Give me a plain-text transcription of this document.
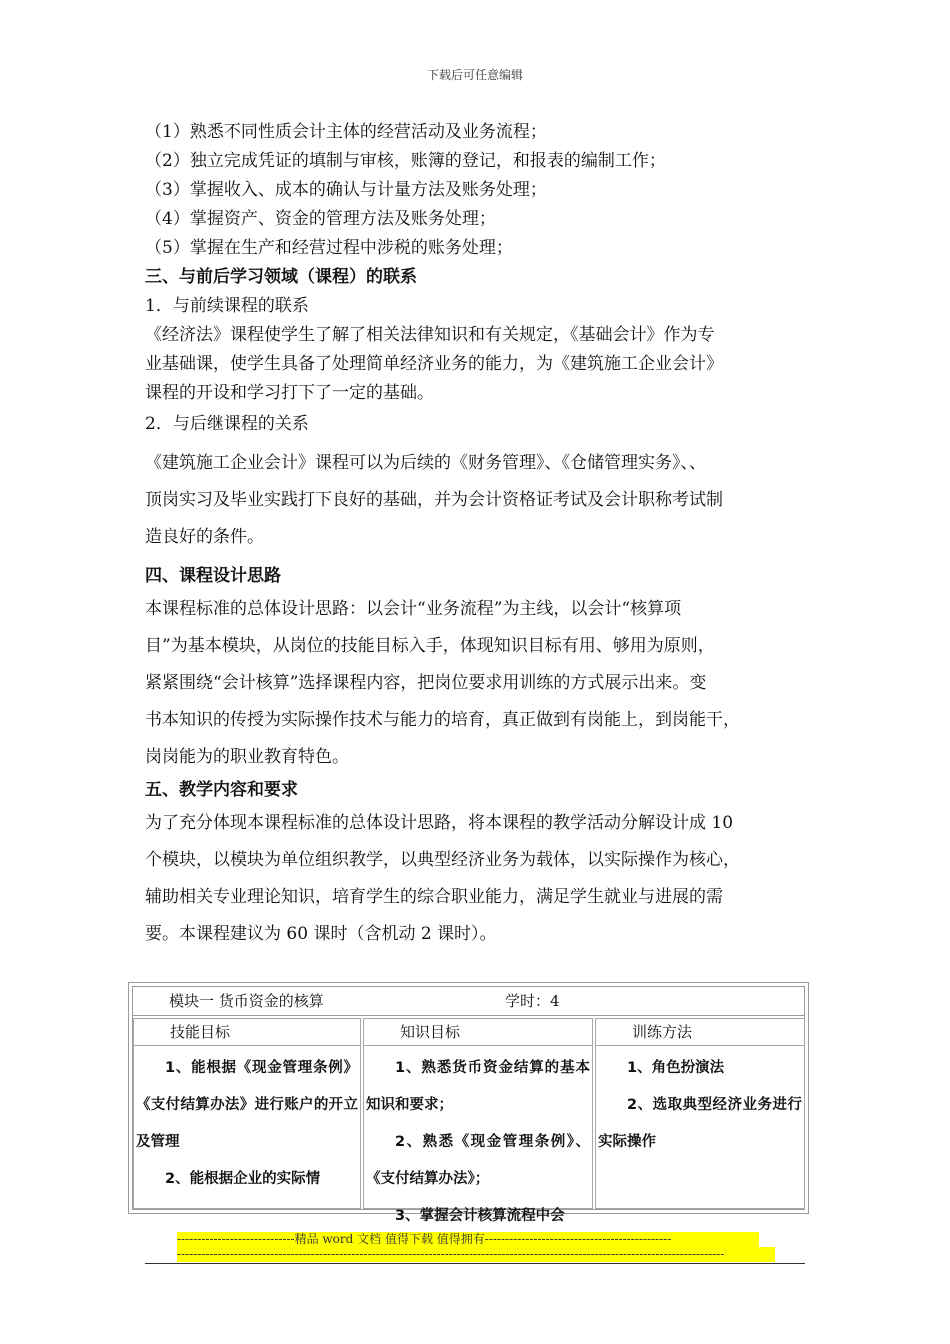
下载后可任意编辑
（1）熟悉不同性质会计主体的经营活动及业务流程；
（2）独立完成凭证的填制与审核，账簿的登记，和报表的编制工作；
（3）掌握收入、成本的确认与计量方法及账务处理；
（4）掌握资产、资金的管理方法及账务处理；
（5）掌握在生产和经营过程中涉税的账务处理；
三、与前后学习领域（课程）的联系
1．与前续课程的联系
《经济法》课程使学生了解了相关法律知识和有关规定，《基础会计》作为专
业基础课，使学生具备了处理简单经济业务的能力，为《建筑施工企业会计》
课程的开设和学习打下了一定的基础。
2．与后继课程的关系
《建筑施工企业会计》课程可以为后续的《财务管理》、《仓储管理实务》、、
顶岗实习及毕业实践打下良好的基础，并为会计资格证考试及会计职称考试制
造良好的条件。
四、课程设计思路
本课程标准的总体设计思路：以会计“业务流程”为主线，以会计“核算项
目”为基本模块，从岗位的技能目标入手，体现知识目标有用、够用为原则，
紧紧围绕“会计核算”选择课程内容，把岗位要求用训练的方式展示出来。变
书本知识的传授为实际操作技术与能力的培育，真正做到有岗能上，到岗能干，
岗岗能为的职业教育特色。
五、教学内容和要求
为了充分体现本课程标准的总体设计思路，将本课程的教学活动分解设计成 10
个模块，以模块为单位组织教学，以典型经济业务为载体，以实际操作为核心，
辅助相关专业理论知识，培育学生的综合职业能力，满足学生就业与进展的需
要。本课程建议为 60 课时（含机动 2 课时）。
模块一 货币资金的核算	学时：4
技能目标

1、能根据《现金管理条例》《支付结算办法》进行账户的开立及管理

2、能根据企业的实际情

知识目标

1、熟悉货币资金结算的基本知识和要求；

2、熟悉《现金管理条例》、《支付结算办法》；

3、掌握会计核算流程中会

训练方法

1、角色扮演法

2、选取典型经济业务进行实际操作

-----------------------------精品 word 文档 值得下载 值得拥有----------------------------------------------
---------------------------------------------------------------------------------------------------------------------------------------
